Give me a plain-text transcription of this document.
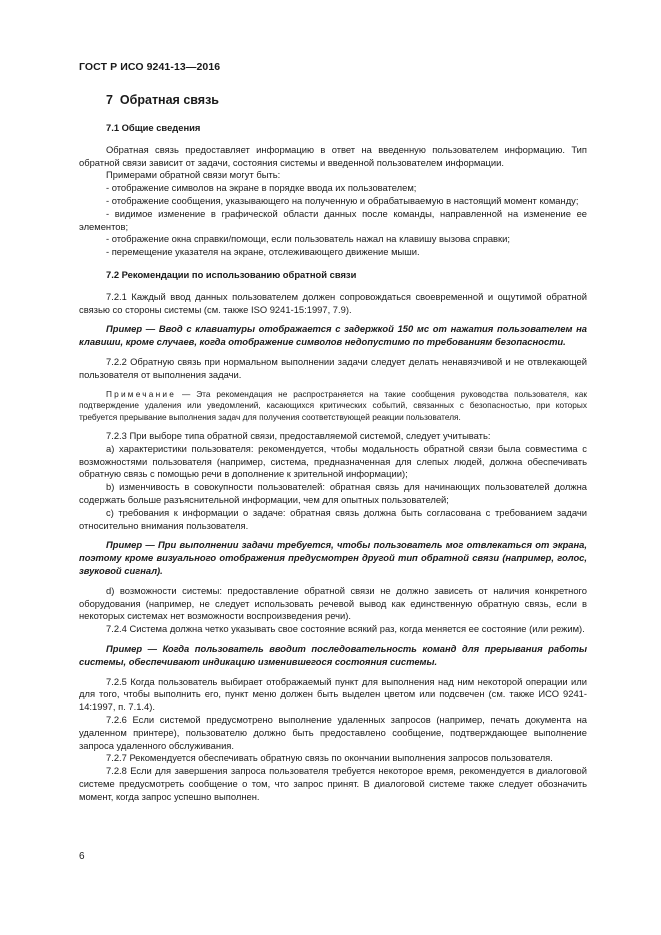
ГОСТ Р ИСО 9241-13—2016
7 Обратная связь
7.1 Общие сведения

Обратная связь предоставляет информацию в ответ на введенную пользователем информацию. Тип обратной связи зависит от задачи, состояния системы и введенной пользователем информации.

Примерами обратной связи могут быть:

- отображение символов на экране в порядке ввода их пользователем;

- отображение сообщения, указывающего на полученную и обрабатываемую в настоящий момент команду;

- видимое изменение в графической области данных после команды, направленной на изменение ее элементов;

- отображение окна справки/помощи, если пользователь нажал на клавишу вызова справки;

- перемещение указателя на экране, отслеживающего движение мыши.

7.2 Рекомендации по использованию обратной связи

7.2.1 Каждый ввод данных пользователем должен сопровождаться своевременной и ощутимой обратной связью со стороны системы (см. также ISO 9241-15:1997, 7.9).

Пример — Ввод с клавиатуры отображается с задержкой 150 мс от нажатия пользователем на клавиши, кроме случаев, когда отображение символов недопустимо по требованиям безопасности.

7.2.2 Обратную связь при нормальном выполнении задачи следует делать ненавязчивой и не отвлекающей пользователя от выполнения задачи.

Примечание — Эта рекомендация не распространяется на такие сообщения руководства пользователя, как подтверждение удаления или уведомлений, касающихся критических событий, связанных с безопасностью, при которых требуется прерывание выполнения задач для получения соответствующей реакции пользователя.

7.2.3 При выборе типа обратной связи, предоставляемой системой, следует учитывать:

а) характеристики пользователя: рекомендуется, чтобы модальность обратной связи была совместима с возможностями пользователя (например, система, предназначенная для слепых людей, должна обеспечивать обратную связь с помощью речи в дополнение к зрительной информации);

b) изменчивость в совокупности пользователей: обратная связь для начинающих пользователей должна содержать больше разъяснительной информации, чем для опытных пользователей;

c) требования к информации о задаче: обратная связь должна быть согласована с требованием задачи относительно внимания пользователя.

Пример — При выполнении задачи требуется, чтобы пользователь мог отвлекаться от экрана, поэтому кроме визуального отображения предусмотрен другой тип обратной связи (например, голос, звуковой сигнал).

d) возможности системы: предоставление обратной связи не должно зависеть от наличия конкретного оборудования (например, не следует использовать речевой вывод как единственную обратную связь, если в некоторых системах нет возможности воспроизведения речи).

7.2.4 Система должна четко указывать свое состояние всякий раз, когда меняется ее состояние (или режим).

Пример — Когда пользователь вводит последовательность команд для прерывания работы системы, обеспечивают индикацию изменившегося состояния системы.

7.2.5 Когда пользователь выбирает отображаемый пункт для выполнения над ним некоторой операции или для того, чтобы выполнить его, пункт меню должен быть выделен цветом или подсвечен (см. также ИСО 9241-14:1997, п. 7.1.4).

7.2.6 Если системой предусмотрено выполнение удаленных запросов (например, печать документа на удаленном принтере), пользователю должно быть предоставлено сообщение, подтверждающее выполнение запроса удаленного обслуживания.

7.2.7 Рекомендуется обеспечивать обратную связь по окончании выполнения запросов пользователя.

7.2.8 Если для завершения запроса пользователя требуется некоторое время, рекомендуется в диалоговой системе предусмотреть сообщение о том, что запрос принят. В диалоговой системе также следует обозначить момент, когда запрос успешно выполнен.

6
